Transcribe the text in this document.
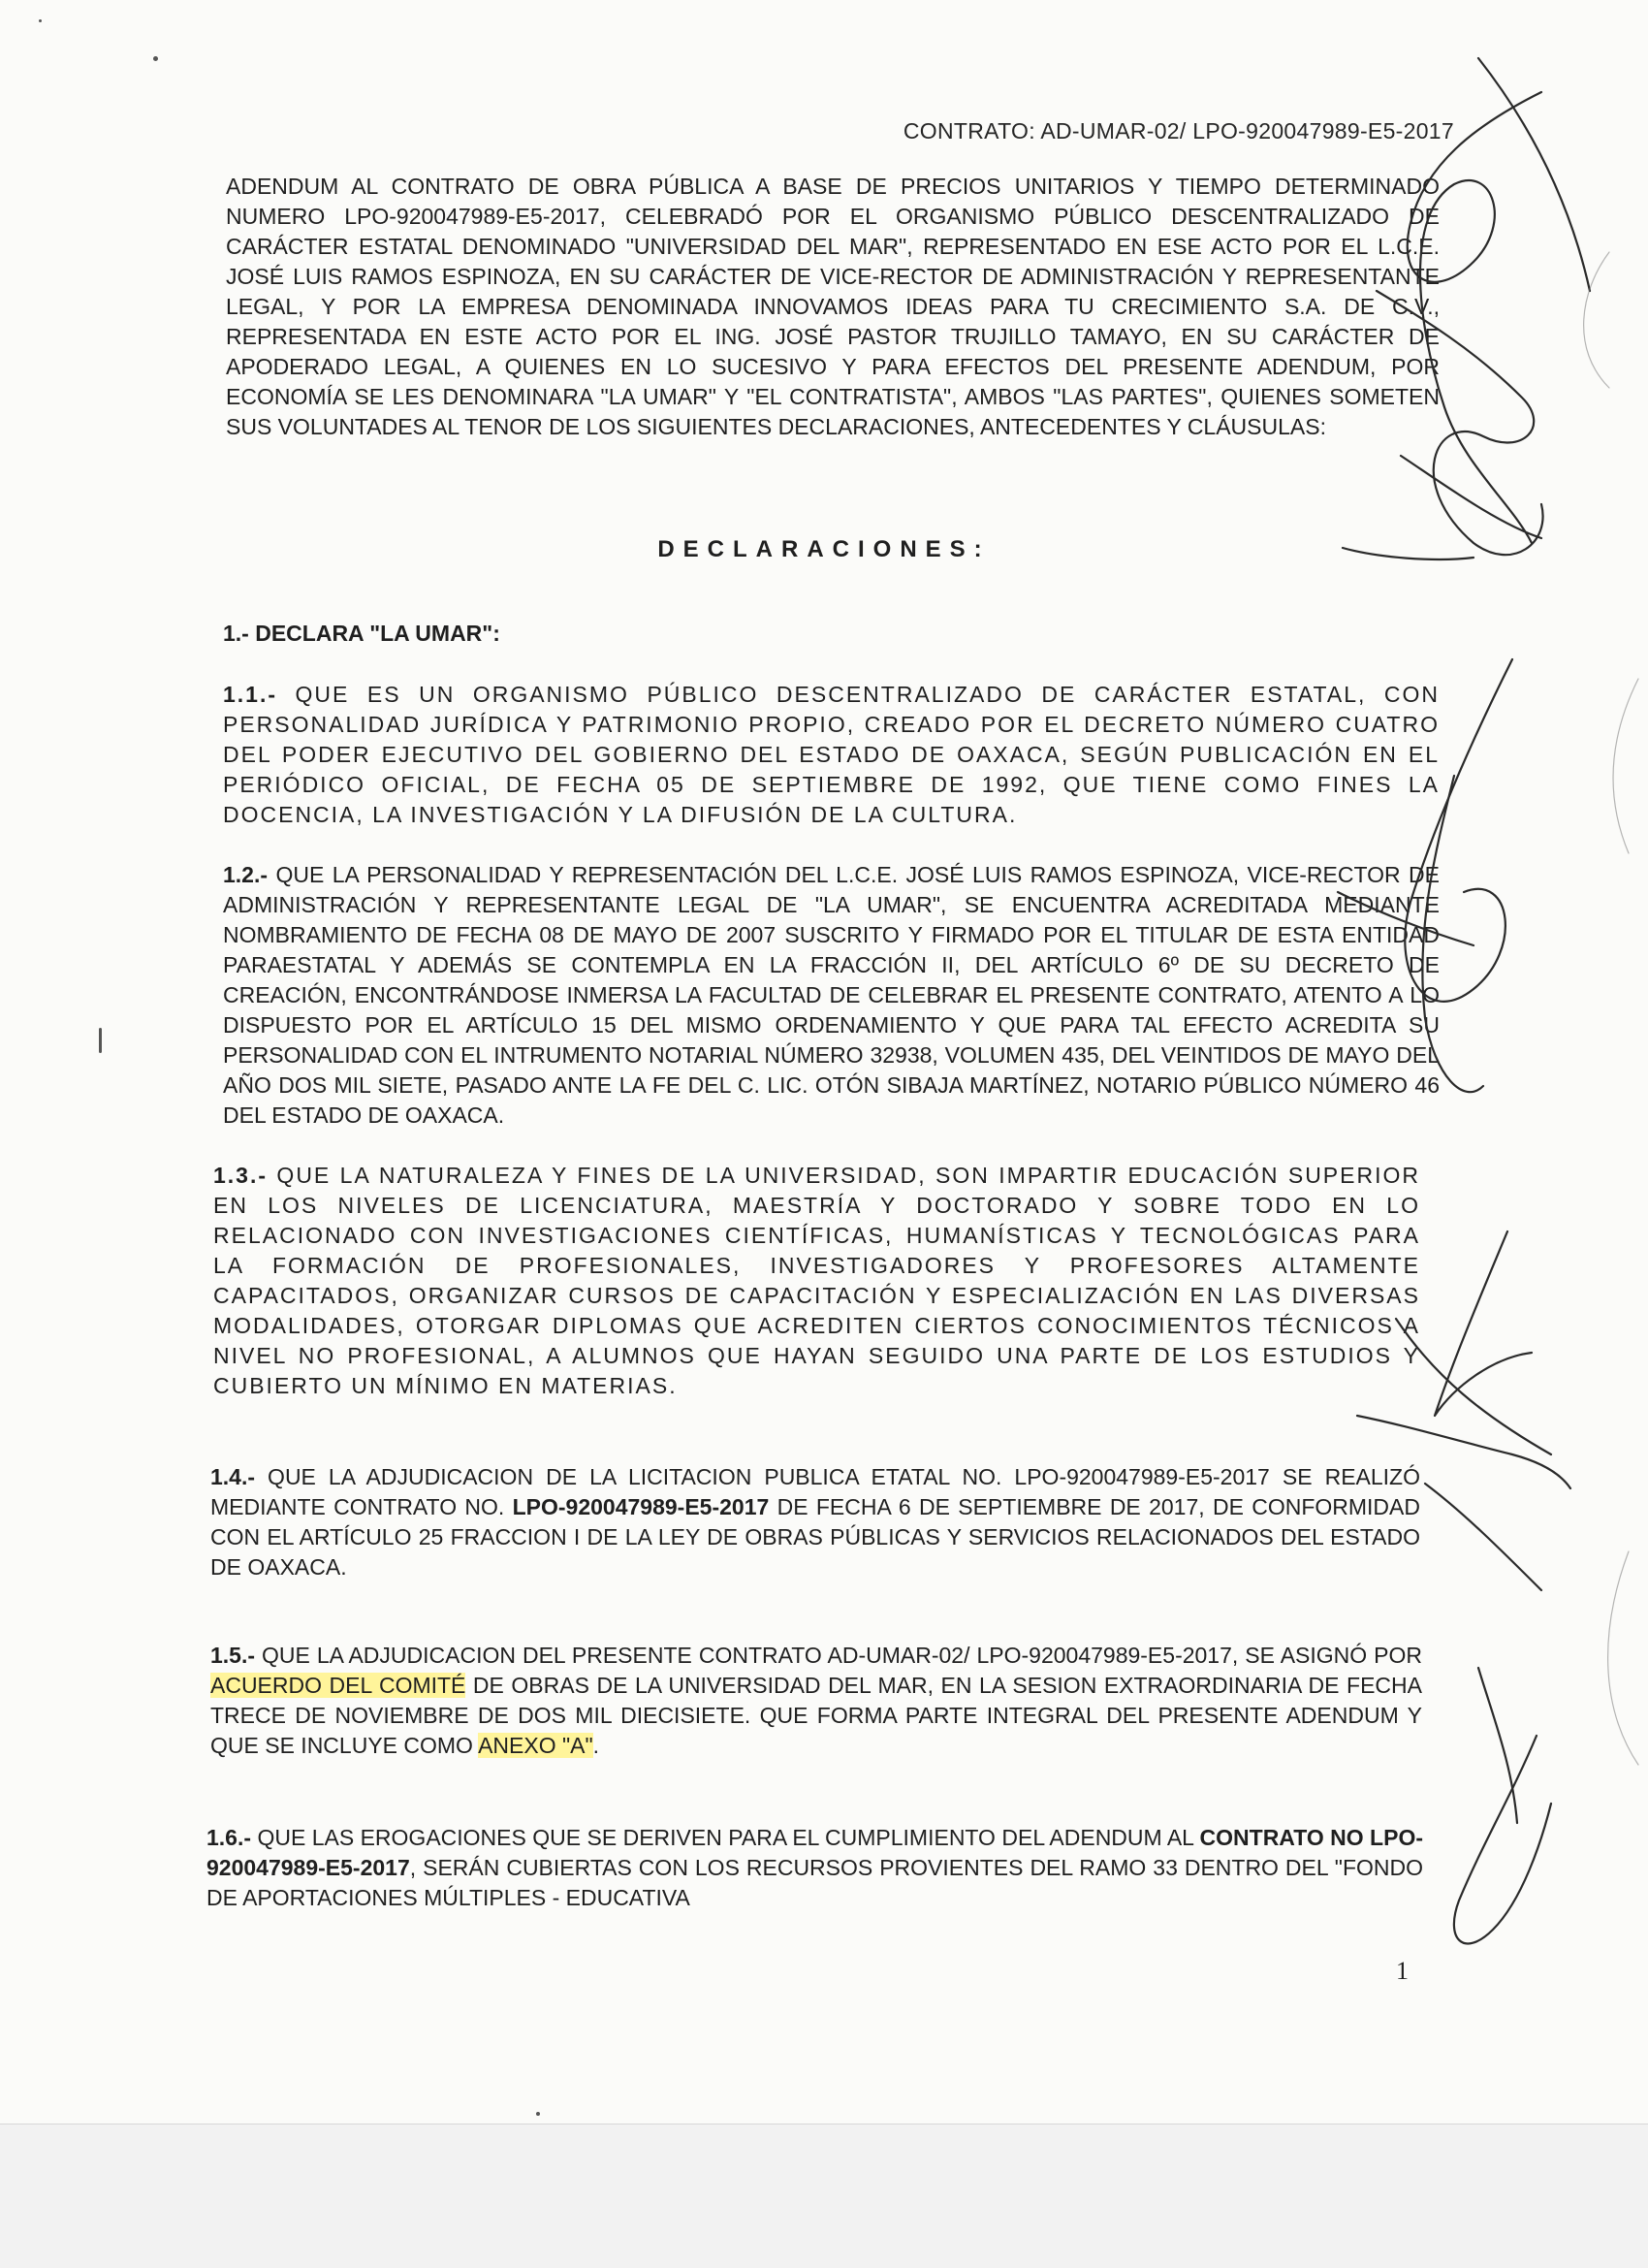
CONTRATO: AD-UMAR-02/ LPO-920047989-E5-2017
ADENDUM AL CONTRATO DE OBRA PÚBLICA A BASE DE PRECIOS UNITARIOS Y TIEMPO DETERMINADO NUMERO LPO-920047989-E5-2017, CELEBRADÓ POR EL ORGANISMO PÚBLICO DESCENTRALIZADO DE CARÁCTER ESTATAL DENOMINADO "UNIVERSIDAD DEL MAR", REPRESENTADO EN ESE ACTO POR EL L.C.E. JOSÉ LUIS RAMOS ESPINOZA, EN SU CARÁCTER DE VICE-RECTOR DE ADMINISTRACIÓN Y REPRESENTANTE LEGAL, Y POR LA EMPRESA DENOMINADA INNOVAMOS IDEAS PARA TU CRECIMIENTO S.A. DE C.V., REPRESENTADA EN ESTE ACTO POR EL ING. JOSÉ PASTOR TRUJILLO TAMAYO, EN SU CARÁCTER DE APODERADO LEGAL, A QUIENES EN LO SUCESIVO Y PARA EFECTOS DEL PRESENTE ADENDUM, POR ECONOMÍA SE LES DENOMINARA "LA UMAR" Y "EL CONTRATISTA", AMBOS "LAS PARTES", QUIENES SOMETEN SUS VOLUNTADES AL TENOR DE LOS SIGUIENTES DECLARACIONES, ANTECEDENTES Y CLÁUSULAS:
DECLARACIONES:
1.- DECLARA "LA UMAR":
1.1.- QUE ES UN ORGANISMO PÚBLICO DESCENTRALIZADO DE CARÁCTER ESTATAL, CON PERSONALIDAD JURÍDICA Y PATRIMONIO PROPIO, CREADO POR EL DECRETO NÚMERO CUATRO DEL PODER EJECUTIVO DEL GOBIERNO DEL ESTADO DE OAXACA, SEGÚN PUBLICACIÓN EN EL PERIÓDICO OFICIAL, DE FECHA 05 DE SEPTIEMBRE DE 1992, QUE TIENE COMO FINES LA DOCENCIA, LA INVESTIGACIÓN Y LA DIFUSIÓN DE LA CULTURA.
1.2.- QUE LA PERSONALIDAD Y REPRESENTACIÓN DEL L.C.E. JOSÉ LUIS RAMOS ESPINOZA, VICE-RECTOR DE ADMINISTRACIÓN Y REPRESENTANTE LEGAL DE "LA UMAR", SE ENCUENTRA ACREDITADA MEDIANTE NOMBRAMIENTO DE FECHA 08 DE MAYO DE 2007 SUSCRITO Y FIRMADO POR EL TITULAR DE ESTA ENTIDAD PARAESTATAL Y ADEMÁS SE CONTEMPLA EN LA FRACCIÓN II, DEL ARTÍCULO 6º DE SU DECRETO DE CREACIÓN, ENCONTRÁNDOSE INMERSA LA FACULTAD DE CELEBRAR EL PRESENTE CONTRATO, ATENTO A LO DISPUESTO POR EL ARTÍCULO 15 DEL MISMO ORDENAMIENTO Y QUE PARA TAL EFECTO ACREDITA SU PERSONALIDAD CON EL INTRUMENTO NOTARIAL NÚMERO 32938, VOLUMEN 435, DEL VEINTIDOS DE MAYO DEL AÑO DOS MIL SIETE, PASADO ANTE LA FE DEL C. LIC. OTÓN SIBAJA MARTÍNEZ, NOTARIO PÚBLICO NÚMERO 46 DEL ESTADO DE OAXACA.
1.3.- QUE LA NATURALEZA Y FINES DE LA UNIVERSIDAD, SON IMPARTIR EDUCACIÓN SUPERIOR EN LOS NIVELES DE LICENCIATURA, MAESTRÍA Y DOCTORADO Y SOBRE TODO EN LO RELACIONADO CON INVESTIGACIONES CIENTÍFICAS, HUMANÍSTICAS Y TECNOLÓGICAS PARA LA FORMACIÓN DE PROFESIONALES, INVESTIGADORES Y PROFESORES ALTAMENTE CAPACITADOS, ORGANIZAR CURSOS DE CAPACITACIÓN Y ESPECIALIZACIÓN EN LAS DIVERSAS MODALIDADES, OTORGAR DIPLOMAS QUE ACREDITEN CIERTOS CONOCIMIENTOS TÉCNICOS A NIVEL NO PROFESIONAL, A ALUMNOS QUE HAYAN SEGUIDO UNA PARTE DE LOS ESTUDIOS Y CUBIERTO UN MÍNIMO EN MATERIAS.
1.4.- QUE LA ADJUDICACION DE LA LICITACION PUBLICA ETATAL NO. LPO-920047989-E5-2017 SE REALIZÓ MEDIANTE CONTRATO NO. LPO-920047989-E5-2017 DE FECHA 6 DE SEPTIEMBRE DE 2017, DE CONFORMIDAD CON EL ARTÍCULO 25 FRACCION I DE LA LEY DE OBRAS PÚBLICAS Y SERVICIOS RELACIONADOS DEL ESTADO DE OAXACA.
1.5.- QUE LA ADJUDICACION DEL PRESENTE CONTRATO AD-UMAR-02/ LPO-920047989-E5-2017, SE ASIGNÓ POR ACUERDO DEL COMITÉ DE OBRAS DE LA UNIVERSIDAD DEL MAR, EN LA SESION EXTRAORDINARIA DE FECHA TRECE DE NOVIEMBRE DE DOS MIL DIECISIETE. QUE FORMA PARTE INTEGRAL DEL PRESENTE ADENDUM Y QUE SE INCLUYE COMO ANEXO "A".
1.6.- QUE LAS EROGACIONES QUE SE DERIVEN PARA EL CUMPLIMIENTO DEL ADENDUM AL CONTRATO NO LPO-920047989-E5-2017, SERÁN CUBIERTAS CON LOS RECURSOS PROVIENTES DEL RAMO 33 DENTRO DEL "FONDO DE APORTACIONES MÚLTIPLES - EDUCATIVA
1
